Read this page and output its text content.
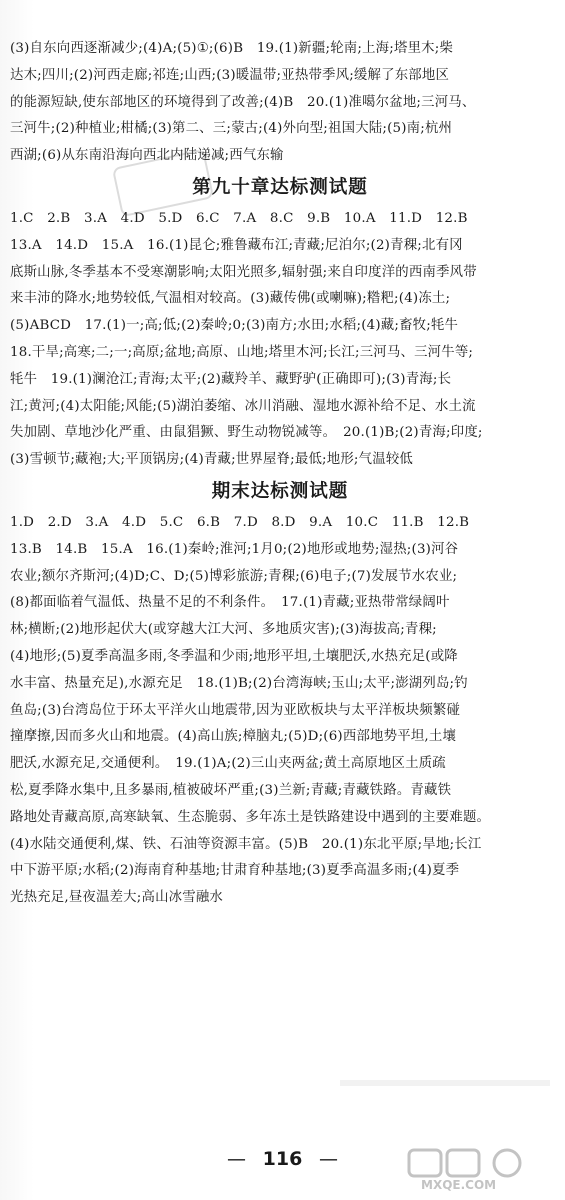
(3)自东向西逐渐减少;(4)A;(5)①;(6)B　19.(1)新疆;轮南;上海;塔里木;柴
达木;四川;(2)河西走廊;祁连;山西;(3)暖温带;亚热带季风;缓解了东部地区
的能源短缺,使东部地区的环境得到了改善;(4)B　20.(1)准噶尔盆地;三河马、
三河牛;(2)种植业;柑橘;(3)第二、三;蒙古;(4)外向型;祖国大陆;(5)南;杭州
西湖;(6)从东南沿海向西北内陆递减;西气东输
第九十章达标测试题
1.C　2.B　3.A　4.D　5.D　6.C　7.A　8.C　9.B　10.A　11.D　12.B
13.A　14.D　15.A　16.(1)昆仑;雅鲁藏布江;青藏;尼泊尔;(2)青稞;北有冈
底斯山脉,冬季基本不受寒潮影响;太阳光照多,辐射强;来自印度洋的西南季风带
来丰沛的降水;地势较低,气温相对较高。(3)藏传佛(或喇嘛);糌粑;(4)冻土;
(5)ABCD　17.(1)一;高;低;(2)秦岭;0;(3)南方;水田;水稻;(4)藏;畜牧;牦牛
18.干旱;高寒;二;一;高原;盆地;高原、山地;塔里木河;长江;三河马、三河牛等;
牦牛　19.(1)澜沧江;青海;太平;(2)藏羚羊、藏野驴(正确即可);(3)青海;长
江;黄河;(4)太阳能;风能;(5)湖泊萎缩、冰川消融、湿地水源补给不足、水土流
失加剧、草地沙化严重、由鼠猖獗、野生动物锐减等。　20.(1)B;(2)青海;印度;
(3)雪顿节;藏袍;大;平顶锅房;(4)青藏;世界屋脊;最低;地形;气温较低
期末达标测试题
1.D　2.D　3.A　4.D　5.C　6.B　7.D　8.D　9.A　10.C　11.B　12.B
13.B　14.B　15.A　16.(1)秦岭;淮河;1月0;(2)地形或地势;湿热;(3)河谷
农业;额尔齐斯河;(4)D;C、D;(5)博彩旅游;青稞;(6)电子;(7)发展节水农业;
(8)都面临着气温低、热量不足的不利条件。　17.(1)青藏;亚热带常绿阔叶
林;横断;(2)地形起伏大(或穿越大江大河、多地质灾害);(3)海拔高;青稞;
(4)地形;(5)夏季高温多雨,冬季温和少雨;地形平坦,土壤肥沃,水热充足(或降
水丰富、热量充足),水源充足　18.(1)B;(2)台湾海峡;玉山;太平;澎湖列岛;钓
鱼岛;(3)台湾岛位于环太平洋火山地震带,因为亚欧板块与太平洋板块频繁碰
撞摩擦,因而多火山和地震。(4)高山族;樟脑丸;(5)D;(6)西部地势平坦,土壤
肥沃,水源充足,交通便利。　19.(1)A;(2)三山夹两盆;黄土高原地区土质疏
松,夏季降水集中,且多暴雨,植被破坏严重;(3)兰新;青藏;青藏铁路。青藏铁
路地处青藏高原,高寒缺氧、生态脆弱、多年冻土是铁路建设中遇到的主要难题。
(4)水陆交通便利,煤、铁、石油等资源丰富。(5)B　20.(1)东北平原;旱地;长江
中下游平原;水稻;(2)海南育种基地;甘肃育种基地;(3)夏季高温多雨;(4)夏季
光热充足,昼夜温差大;高山冰雪融水
— 116 —
MXQE.COM
